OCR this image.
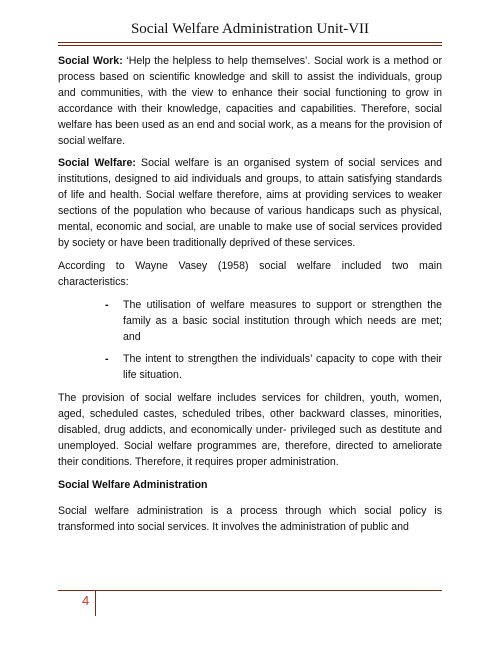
Social Welfare Administration Unit-VII

Social Work: ‘Help the helpless to help themselves’. Social work is a method or process based on scientific knowledge and skill to assist the individuals, group and communities, with the view to enhance their social functioning to grow in accordance with their knowledge, capacities and capabilities. Therefore, social welfare has been used as an end and social work, as a means for the provision of social welfare.

Social Welfare: Social welfare is an organised system of social services and institutions, designed to aid individuals and groups, to attain satisfying standards of life and health. Social welfare therefore, aims at providing services to weaker sections of the population who because of various handicaps such as physical, mental, economic and social, are unable to make use of social services provided by society or have been traditionally deprived of these services.

According to Wayne Vasey (1958) social welfare included two main characteristics:

- The utilisation of welfare measures to support or strengthen the family as a basic social institution through which needs are met; and
- The intent to strengthen the individuals’ capacity to cope with their life situation.

The provision of social welfare includes services for children, youth, women, aged, scheduled castes, scheduled tribes, other backward classes, minorities, disabled, drug addicts, and economically under- privileged such as destitute and unemployed. Social welfare programmes are, therefore, directed to ameliorate their conditions. Therefore, it requires proper administration.

Social Welfare Administration

Social welfare administration is a process through which social policy is transformed into social services. It involves the administration of public and

4
